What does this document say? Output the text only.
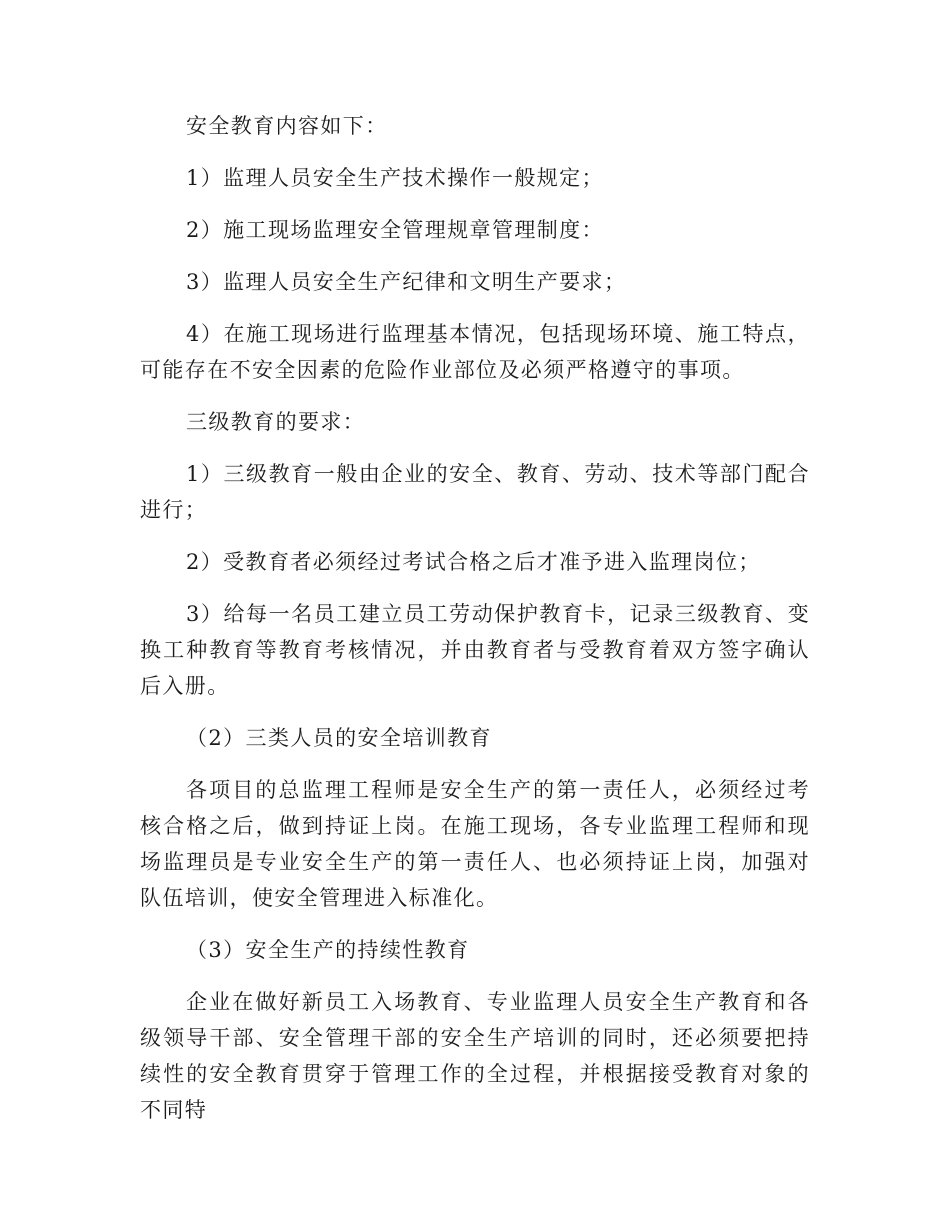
安全教育内容如下：

1）监理人员安全生产技术操作一般规定；

2）施工现场监理安全管理规章管理制度：

3）监理人员安全生产纪律和文明生产要求；

4）在施工现场进行监理基本情况，包括现场环境、施工特点，可能存在不安全因素的危险作业部位及必须严格遵守的事项。

三级教育的要求：

1）三级教育一般由企业的安全、教育、劳动、技术等部门配合进行；

2）受教育者必须经过考试合格之后才准予进入监理岗位；

3）给每一名员工建立员工劳动保护教育卡，记录三级教育、变换工种教育等教育考核情况，并由教育者与受教育着双方签字确认后入册。

（2）三类人员的安全培训教育

各项目的总监理工程师是安全生产的第一责任人，必须经过考核合格之后，做到持证上岗。在施工现场，各专业监理工程师和现场监理员是专业安全生产的第一责任人、也必须持证上岗，加强对队伍培训，使安全管理进入标准化。

（3）安全生产的持续性教育

企业在做好新员工入场教育、专业监理人员安全生产教育和各级领导干部、安全管理干部的安全生产培训的同时，还必须要把持续性的安全教育贯穿于管理工作的全过程，并根据接受教育对象的不同特
